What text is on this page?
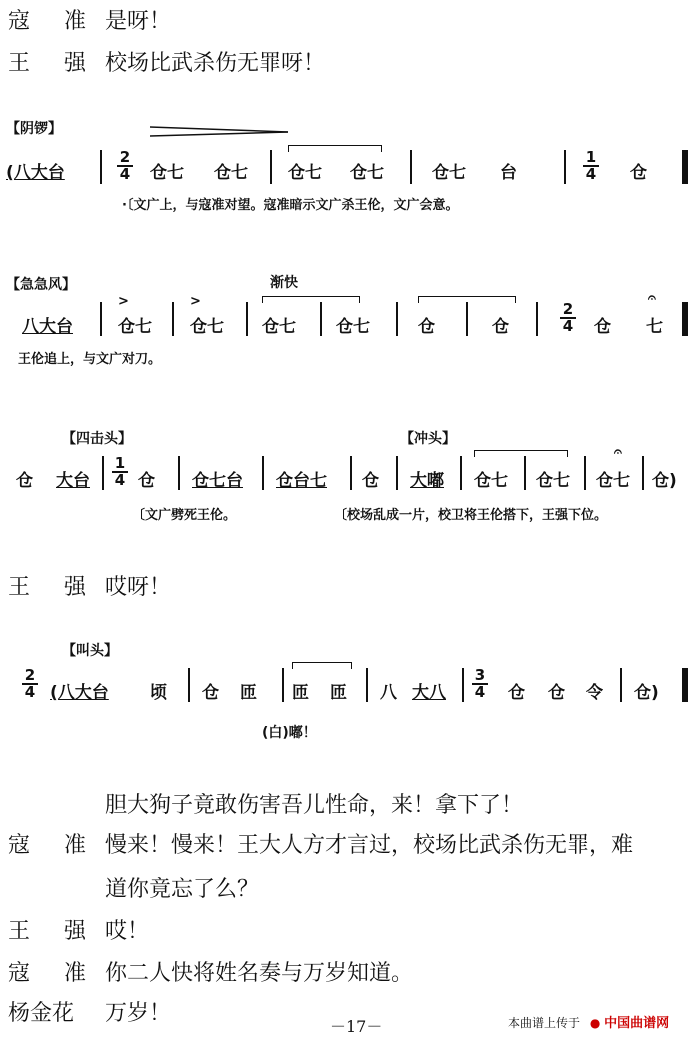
寇　准 是呀！
王　强 校场比武杀伤无罪呀！
【阴锣】
(八大台	$\frac{2}{4}$ 仓七 仓七 仓七 仓七	仓七 台	$\frac{1}{4}$ 仓
·〔文广上，与寇准对望。寇准暗示文广杀王伦，文广会意。
【急急风】	渐快
八大台
>
仓七
>
仓七 仓七 仓七	仓	仓	$\frac{2}{4}$ 仓 七
𝄐
王伦追上，与文广对刀。
【四击头】	【冲头】
仓 大台 $\frac{1}{4}$ 仓 仓七台 仓台七 仓 大嘟 仓七 仓七 仓七
𝄐
仓)
〔文广劈死王伦。	〔校场乱成一片，校卫将王伦搭下，王强下位。
王　强 哎呀！
【叫头】
$\frac{2}{4}$ (八大台 顷 仓 匝 匝 匝 八 大八 $\frac{3}{4}$ 仓 仓 令 仓)
(白)嘟！
胆大狗子竟敢伤害吾儿性命，来！拿下了！
寇　准 慢来！慢来！王大人方才言过，校场比武杀伤无罪，难
道你竟忘了么？
王　强 哎！
寇　准 你二人快将姓名奏与万岁知道。
杨金花 万岁！
－17－	本曲谱上传于 ● 中国曲谱网
